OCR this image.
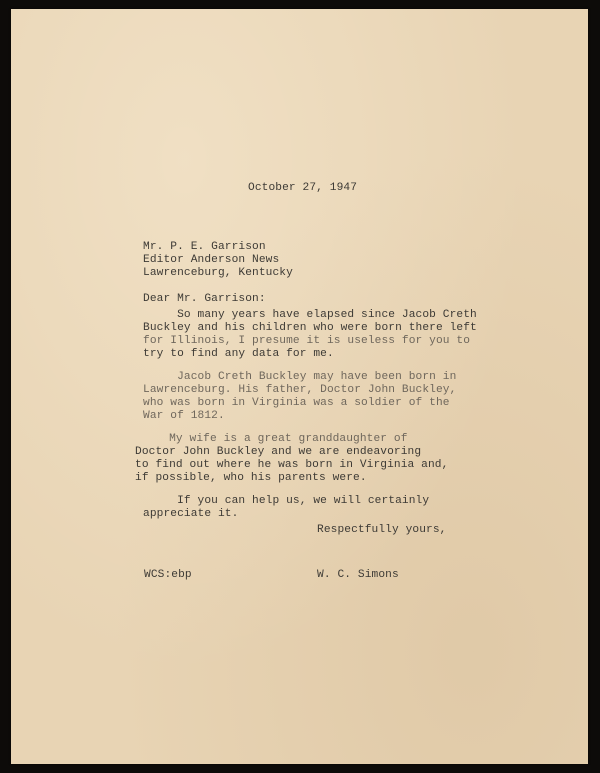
October 27, 1947
Mr. P. E. Garrison
Editor Anderson News
Lawrenceburg, Kentucky
Dear Mr. Garrison:
So many years have elapsed since Jacob Creth
Buckley and his children who were born there left
for Illinois, I presume it is useless for you to
try to find any data for me.
Jacob Creth Buckley may have been born in
Lawrenceburg. His father, Doctor John Buckley,
who was born in Virginia was a soldier of the
War of 1812.
My wife is a great granddaughter of
Doctor John Buckley and we are endeavoring
to find out where he was born in Virginia and,
if possible, who his parents were.
If you can help us, we will certainly
appreciate it.
Respectfully yours,
WCS:ebp	W. C. Simons
